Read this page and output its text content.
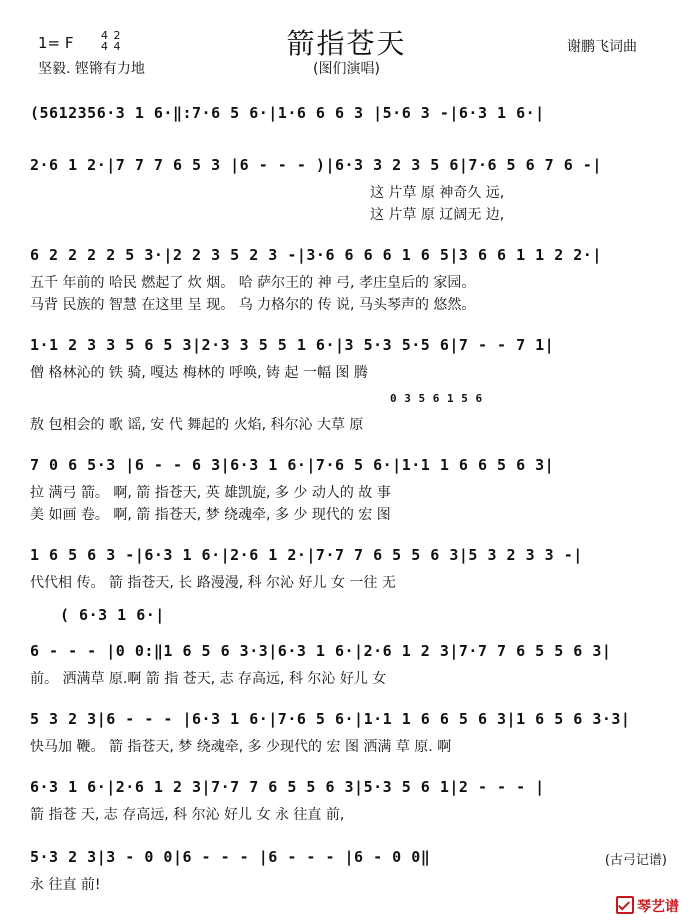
箭指苍天
1= F 4
4

2
4
坚毅. 铿锵有力地	(图们演唱)
谢鹏飞词曲
(5612356·3 1 6·‖:7·6 5 6·|1·6 6 6 3 |5·6 3 -|6·3 1 6·|
2·6 1 2·|7 7 7 6 5 3 |6 - - - )|6·3 3 2 3 5 6|7·6 5 6 7 6 -|
这 片草 原 神奇久 远,
这 片草 原 辽阔无 边,
6 2 2 2 2 5 3·|2 2 3 5 2 3 -|3·6 6 6 6 1 6 5|3 6 6 1 1 2 2·|
五千 年前的 哈民 燃起了 炊 烟。 哈 萨尔王的 神 弓, 孝庄皇后的 家园。
马背 民族的 智慧 在这里 呈 现。 乌 力格尔的 传 说, 马头琴声的 悠然。
1·1 2 3 3 5 6 5 3|2·3 3 5 5 1 6·|3 5·3 5·5 6|7 - - 7 1|
僧 格林沁的 铁 骑, 嘎达 梅林的 呼唤, 铸 起 一幅 图 腾
0 3 5 6 1 5 6
敖 包相会的 歌 谣, 安 代 舞起的 火焰, 科尔沁 大草 原
7 0 6 5·3 |6 - - 6 3|6·3 1 6·|7·6 5 6·|1·1 1 6 6 5 6 3|
拉 满弓 箭。 啊, 箭 指苍天, 英 雄凯旋, 多 少 动人的 故 事
美 如画 卷。 啊, 箭 指苍天, 梦 绕魂牵, 多 少 现代的 宏 图
1 6 5 6 3 -|6·3 1 6·|2·6 1 2·|7·7 7 6 5 5 6 3|5 3 2 3 3 -|
代代相 传。 箭 指苍天, 长 路漫漫, 科 尔沁 好儿 女 一往 无
( 6·3 1 6·|
6 - - - |0 0:‖1 6 5 6 3·3|6·3 1 6·|2·6 1 2 3|7·7 7 6 5 5 6 3|
前。 洒满草 原.啊 箭 指 苍天, 志 存高远, 科 尔沁 好儿 女
5 3 2 3|6 - - - |6·3 1 6·|7·6 5 6·|1·1 1 6 6 5 6 3|1 6 5 6 3·3|
快马加 鞭。 箭 指苍天, 梦 绕魂牵, 多 少现代的 宏 图 洒满 草 原. 啊
6·3 1 6·|2·6 1 2 3|7·7 7 6 5 5 6 3|5·3 5 6 1|2 - - - |
箭 指苍 天, 志 存高远, 科 尔沁 好儿 女 永 往直 前,
5·3 2 3|3 - 0 0|6 - - - |6 - - - |6 - 0 0‖
永 往直 前!
(古弓记谱)
琴艺谱
